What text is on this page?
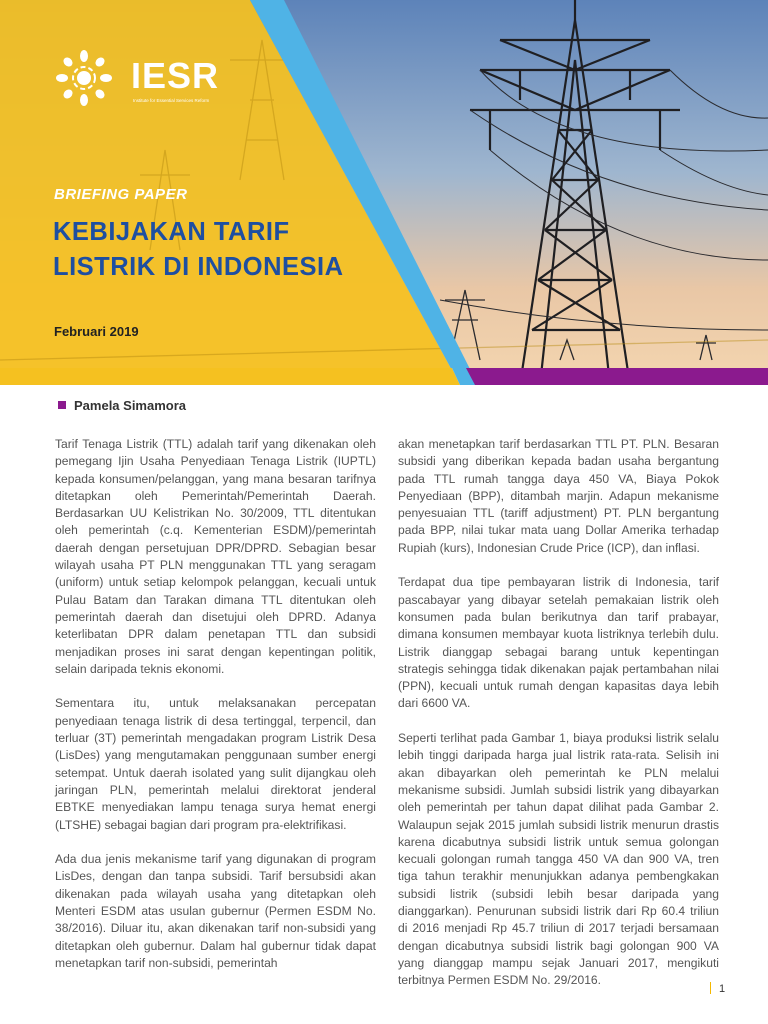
IESR
Institute for Essential Services Reform
BRIEFING PAPER
KEBIJAKAN TARIF
LISTRIK DI INDONESIA
Februari 2019
Pamela Simamora

Tarif Tenaga Listrik (TTL) adalah tarif yang dikenakan oleh pemegang Ijin Usaha Penyediaan Tenaga Listrik (IUPTL) kepada konsumen/pelanggan, yang mana besaran tarifnya ditetapkan oleh Pemerintah/Pemerintah Daerah. Berdasarkan UU Kelistrikan No. 30/2009, TTL ditentukan oleh pemerintah (c.q. Kementerian ESDM)/pemerintah daerah dengan persetujuan DPR/DPRD. Sebagian besar wilayah usaha PT PLN menggunakan TTL yang seragam (uniform) untuk setiap kelompok pelanggan, kecuali untuk Pulau Batam dan Tarakan dimana TTL ditentukan oleh pemerintah daerah dan disetujui oleh DPRD. Adanya keterlibatan DPR dalam penetapan TTL dan subsidi menjadikan proses ini sarat dengan kepentingan politik, selain daripada teknis ekonomi.

Sementara itu, untuk melaksanakan percepatan penyediaan tenaga listrik di desa tertinggal, terpencil, dan terluar (3T) pemerintah mengadakan program Listrik Desa (LisDes) yang mengutamakan penggunaan sumber energi setempat. Untuk daerah isolated yang sulit dijangkau oleh jaringan PLN, pemerintah melalui direktorat jenderal EBTKE menyediakan lampu tenaga surya hemat energi (LTSHE) sebagai bagian dari program pra-elektrifikasi.

Ada dua jenis mekanisme tarif yang digunakan di program LisDes, dengan dan tanpa subsidi. Tarif bersubsidi akan dikenakan pada wilayah usaha yang ditetapkan oleh Menteri ESDM atas usulan gubernur (Permen ESDM No. 38/2016). Diluar itu, akan dikenakan tarif non-subsidi yang ditetapkan oleh gubernur. Dalam hal gubernur tidak dapat menetapkan tarif non-subsidi, pemerintah

akan menetapkan tarif berdasarkan TTL PT. PLN. Besaran subsidi yang diberikan kepada badan usaha bergantung pada TTL rumah tangga daya 450 VA, Biaya Pokok Penyediaan (BPP), ditambah marjin. Adapun mekanisme penyesuaian TTL (tariff adjustment) PT. PLN bergantung pada BPP, nilai tukar mata uang Dollar Amerika terhadap Rupiah (kurs), Indonesian Crude Price (ICP), dan inflasi.

Terdapat dua tipe pembayaran listrik di Indonesia, tarif pascabayar yang dibayar setelah pemakaian listrik oleh konsumen pada bulan berikutnya dan tarif prabayar, dimana konsumen membayar kuota listriknya terlebih dulu. Listrik dianggap sebagai barang untuk kepentingan strategis sehingga tidak dikenakan pajak pertambahan nilai (PPN), kecuali untuk rumah dengan kapasitas daya lebih dari 6600 VA.

Seperti terlihat pada Gambar 1, biaya produksi listrik selalu lebih tinggi daripada harga jual listrik rata-rata. Selisih ini akan dibayarkan oleh pemerintah ke PLN melalui mekanisme subsidi. Jumlah subsidi listrik yang dibayarkan oleh pemerintah per tahun dapat dilihat pada Gambar 2. Walaupun sejak 2015 jumlah subsidi listrik menurun drastis karena dicabutnya subsidi listrik untuk semua golongan kecuali golongan rumah tangga 450 VA dan 900 VA, tren tiga tahun terakhir menunjukkan adanya pembengkakan subsidi listrik (subsidi lebih besar daripada yang dianggarkan). Penurunan subsidi listrik dari Rp 60.4 triliun di 2016 menjadi Rp 45.7 triliun di 2017 terjadi bersamaan dengan dicabutnya subsidi listrik bagi golongan 900 VA yang dianggap mampu sejak Januari 2017, mengikuti terbitnya Permen ESDM No. 29/2016.

1
